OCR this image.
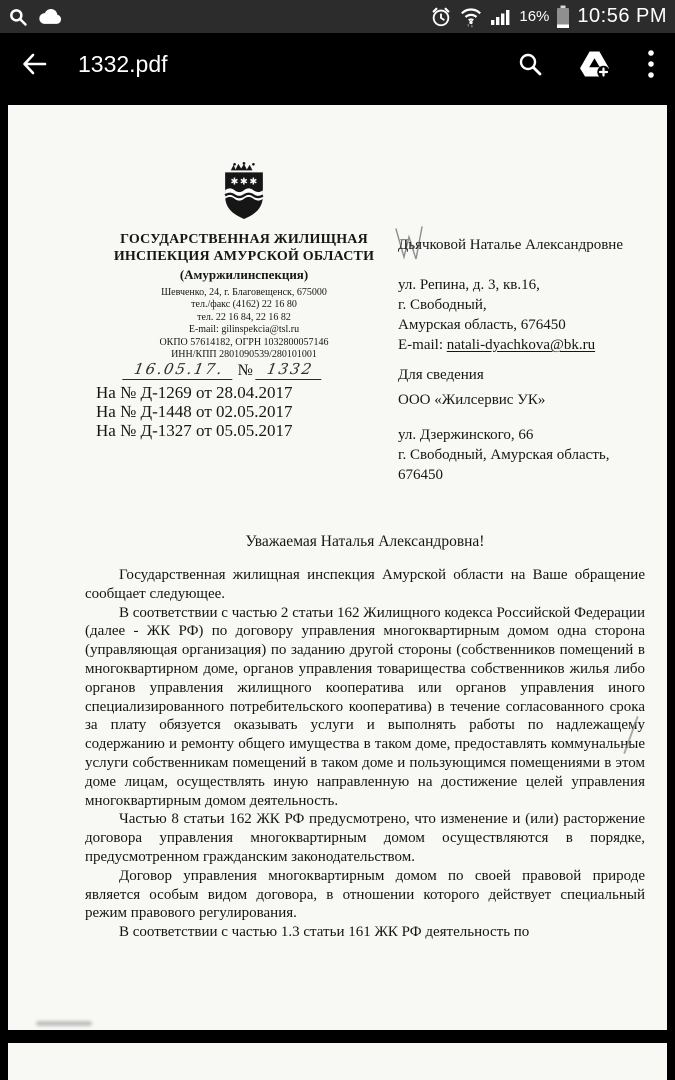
16% 10:56 PM
1332.pdf
✱ ✱ ✱
ГОСУДАРСТВЕННАЯ ЖИЛИЩНАЯ
ИНСПЕКЦИЯ АМУРСКОЙ ОБЛАСТИ
(Амуржилинспекция)
Шевченко, 24, г. Благовещенск, 675000
тел./факс (4162) 22 16 80
тел. 22 16 84, 22 16 82
E-mail: gilinspekcia@tsl.ru
ОКПО 57614182, ОГРН 1032800057146
ИНН/КПП 2801090539/280101001
16.05.17. № 1332
На № Д-1269 от 28.04.2017
На № Д-1448 от 02.05.2017
На № Д-1327 от 05.05.2017
Дьячковой Наталье Александровне
ул. Репина, д. 3, кв.16,
г. Свободный,
Амурская область, 676450
E-mail: natali-dyachkova@bk.ru
Для сведения
ООО «Жилсервис УК»
ул. Дзержинского, 66
г. Свободный, Амурская область,
676450
Уважаемая Наталья Александровна!

Государственная жилищная инспекция Амурской области на Ваше обращение сообщает следующее.

В соответствии с частью 2 статьи 162 Жилищного кодекса Российской Федерации (далее - ЖК РФ) по договору управления многоквартирным домом одна сторона (управляющая организация) по заданию другой стороны (собственников помещений в многоквартирном доме, органов управления товарищества собственников жилья либо органов управления жилищного кооператива или органов управления иного специализированного потребительского кооператива) в течение согласованного срока за плату обязуется оказывать услуги и выполнять работы по надлежащему содержанию и ремонту общего имущества в таком доме, предоставлять коммунальные услуги собственникам помещений в таком доме и пользующимся помещениями в этом доме лицам, осуществлять иную направленную на достижение целей управления многоквартирным домом деятельность.

Частью 8 статьи 162 ЖК РФ предусмотрено, что изменение и (или) расторжение договора управления многоквартирным домом осуществляются в порядке, предусмотренном гражданским законодательством.

Договор управления многоквартирным домом по своей правовой природе является особым видом договора, в отношении которого действует специальный режим правового регулирования.

В соответствии с частью 1.3 статьи 161 ЖК РФ деятельность по
